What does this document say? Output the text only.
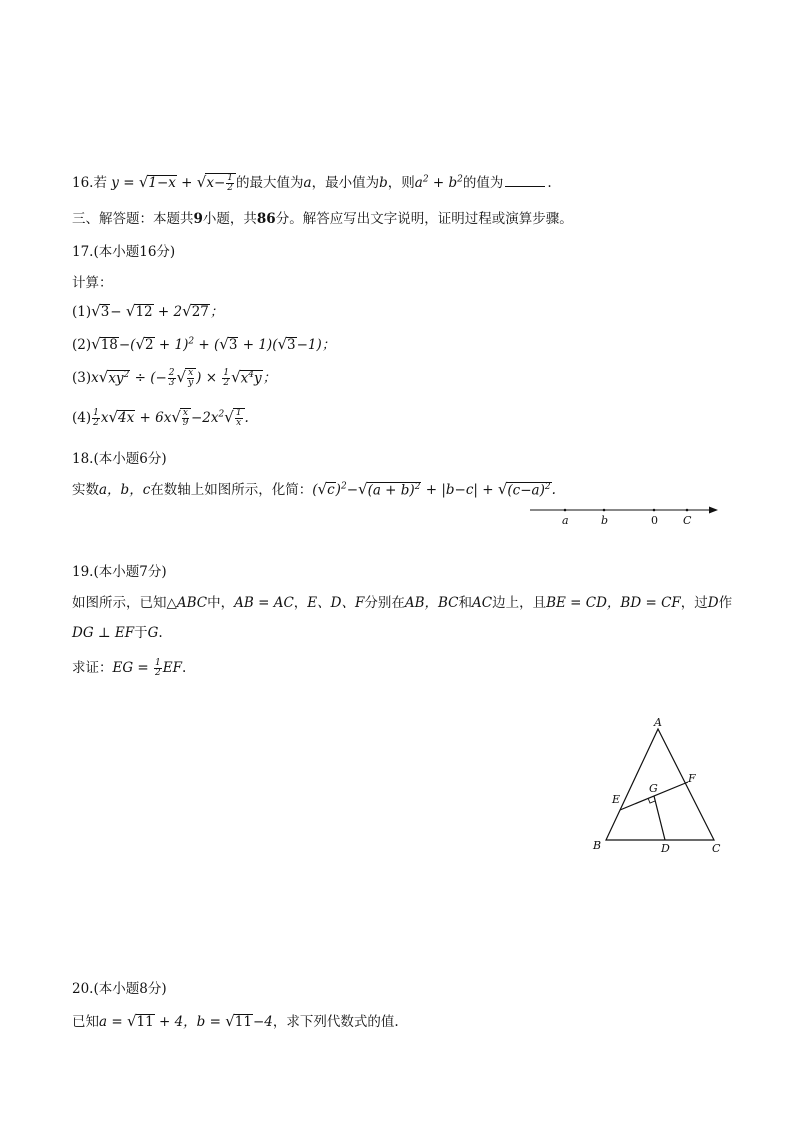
16.若 $y = √1-x + √x- \frac{1}{2}$ 的最大值为a，最小值为b，则$a^2 + b^2$的值为	.
三、解答题：本题共9小题，共86分。解答应写出文字说明，证明过程或演算步骤。
17.(本小题16分)
计算：
(1)√3− √12 + 2√27；
$(2)√18-(√2 + 1)^2 + (√3 + 1)(√3-1)$；
$(3)x√xy^2$ ÷ (− $\frac{2}{3}$ √ $\frac{x}{y}$ ) × $\frac{1}{2} √x^4y$；
$(4) \frac{1}{2} x√4x + 6x√ \frac{x}{9} -2x^2√ \frac{1}{x}$ .
18.(本小题6分)
实数a，b，c在数轴上如图所示，化简：$(√c)^2-√(a + b)^2 + |b-c| + √(c-a)^2$.
a	b	0 C
19.(本小题7分)
如图所示，已知△ABC中，AB = AC，E、D、F分别在AB，BC和AC边上，且BE = CD，BD = CF，过D作
DG ⊥ EF于G.
求证：EG = $\frac{1}{2}$ EF.
A
F
G
E
B	D	C
20.(本小题8分)
已知a = √11 + 4，b = √11−4，求下列代数式的值.
